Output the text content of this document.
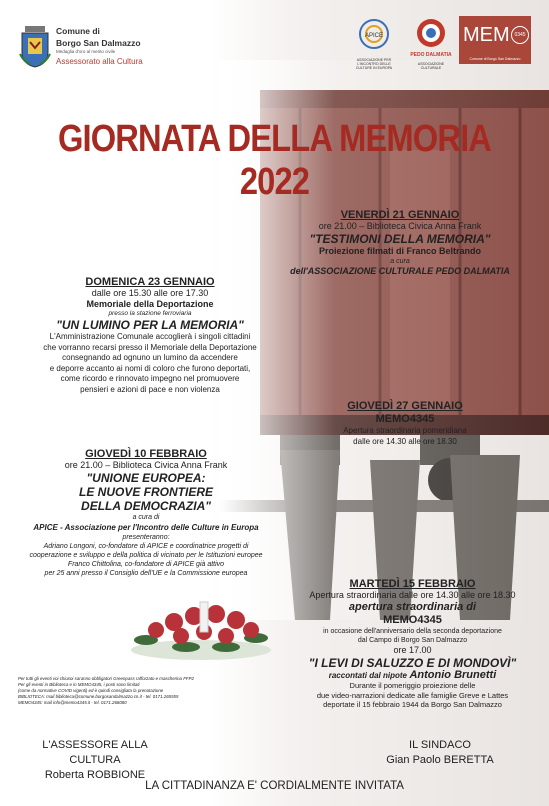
Comune di
Borgo San Dalmazzo
Medaglia d'oro al merito civile
Assessorato alla Cultura
APICE
ASSOCIAZIONE PER L'INCONTRO DELLE CULTURE IN EUROPA
PEDO DALMATIA
ASSOCIAZIONE CULTURALE
MEM 0345
Comune di Borgo San Dalmazzo
GIORNATA DELLA MEMORIA 2022
VENERDÌ 21 GENNAIO
ore 21.00 – Biblioteca Civica Anna Frank
"TESTIMONI DELLA MEMORIA"
Proiezione filmati di Franco Beltrando
a cura
dell'ASSOCIAZIONE CULTURALE PEDO DALMATIA
DOMENICA 23 GENNAIO
dalle ore 15.30 alle ore 17.30
Memoriale della Deportazione
presso la stazione ferroviaria
"UN LUMINO PER LA MEMORIA"
L'Amministrazione Comunale accoglierà i singoli cittadini
che vorranno recarsi presso il Memoriale della Deportazione
consegnando ad ognuno un lumino da accendere
e deporre accanto ai nomi di coloro che furono deportati,
come ricordo e rinnovato impegno nel promuovere
pensieri e azioni di pace e non violenza
GIOVEDÌ 27 GENNAIO
MEMO4345
Apertura straordinaria pomeridiana
dalle ore 14.30 alle ore 18.30
GIOVEDÌ 10 FEBBRAIO
ore 21.00 – Biblioteca Civica Anna Frank
"UNIONE EUROPEA:
LE NUOVE FRONTIERE
DELLA DEMOCRAZIA"
a cura di
APICE - Associazione per l'Incontro delle Culture in Europa
presenteranno:
Adriano Longoni, co-fondatore di APICE e coordinatrice progetti di
cooperazione e sviluppo e della politica di vicinato per le Istituzioni europee
Franco Chittolina, co-fondatore di APICE già attivo
per 25 anni presso il Consiglio dell'UE e la Commissione europea
MARTEDÌ 15 FEBBRAIO
Apertura straordinaria dalle ore 14.30 alle ore 18.30
apertura straordinaria di
MEMO4345
in occasione dell'anniversario della seconda deportazione
dal Campo di Borgo San Dalmazzo
ore 17.00
"I LEVI DI SALUZZO E DI MONDOVÌ"
raccontati dal nipote Antonio Brunetti
Durante il pomeriggio proiezione delle
due video-narrazioni dedicate alle famiglie Greve e Lattes
deportate il 15 febbraio 1944 da Borgo San Dalmazzo
Per tutti gli eventi voi chiusoi saranno obbligatori Greenpass rafforzato e mascherina FFP2
Per gli eventi in Biblioteca e in MEMO4345, i posti sono limitati
(come da normative COVID vigenti) ed è quindi consigliata la prenotazione
BIBLIOTECA: mail biblioteca@comune.borgosandalmazzo.cn.it - tel. 0171.265555
MEMO4345: mail info@memo4345.it - tel. 0171.266080
L'ASSESSORE ALLA CULTURA
Roberta ROBBIONE
IL SINDACO
Gian Paolo BERETTA
LA CITTADINANZA E' CORDIALMENTE INVITATA
